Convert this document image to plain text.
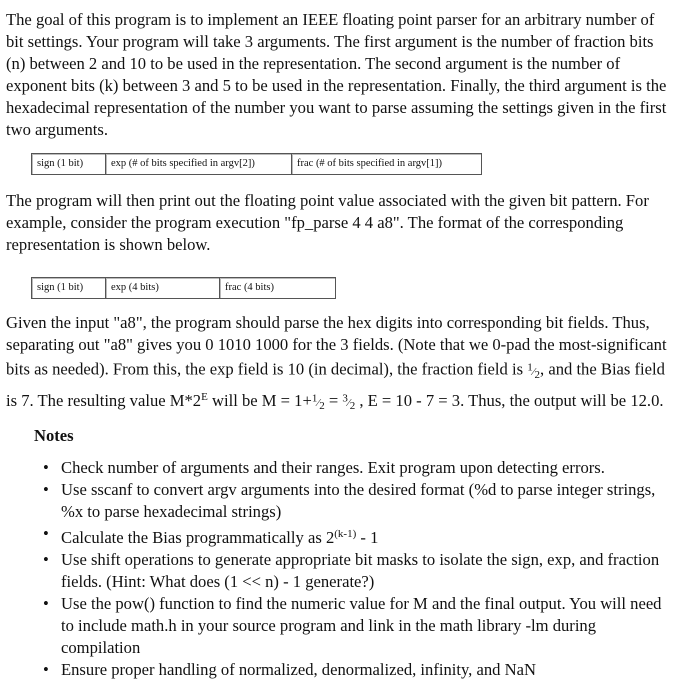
The goal of this program is to implement an IEEE floating point parser for an arbitrary number of bit settings. Your program will take 3 arguments. The first argument is the number of fraction bits (n) between 2 and 10 to be used in the representation. The second argument is the number of exponent bits (k) between 3 and 5 to be used in the representation. Finally, the third argument is the hexadecimal representation of the number you want to parse assuming the settings given in the first two arguments.

sign (1 bit)	exp (# of bits specified in argv[2])	frac (# of bits specified in argv[1])

The program will then print out the floating point value associated with the given bit pattern. For example, consider the program execution "fp_parse 4 4 a8". The format of the corresponding representation is shown below.

sign (1 bit)	exp (4 bits)	frac (4 bits)

Given the input "a8", the program should parse the hex digits into corresponding bit fields. Thus, separating out "a8" gives you 0 1010 1000 for the 3 fields. (Note that we 0-pad the most-significant bits as needed). From this, the exp field is 10 (in decimal), the fraction field is $^1⁄_2$, and the Bias field is 7. The resulting value $M*2^E$ will be $M = 1+^1⁄_2$ = $^3⁄_2$ , E = 10 - 7 = 3. Thus, the output will be 12.0.

Notes
• Check number of arguments and their ranges. Exit program upon detecting errors.
• Use sscanf to convert argv arguments into the desired format (%d to parse integer strings, %x to parse hexadecimal strings)
• Calculate the Bias programmatically as 2$^{(k-1)}$ - 1
• Use shift operations to generate appropriate bit masks to isolate the sign, exp, and fraction fields. (Hint: What does (1 << n) - 1 generate?)
• Use the pow() function to find the numeric value for M and the final output. You will need to include math.h in your source program and link in the math library -lm during compilation
• Ensure proper handling of normalized, denormalized, infinity, and NaN
